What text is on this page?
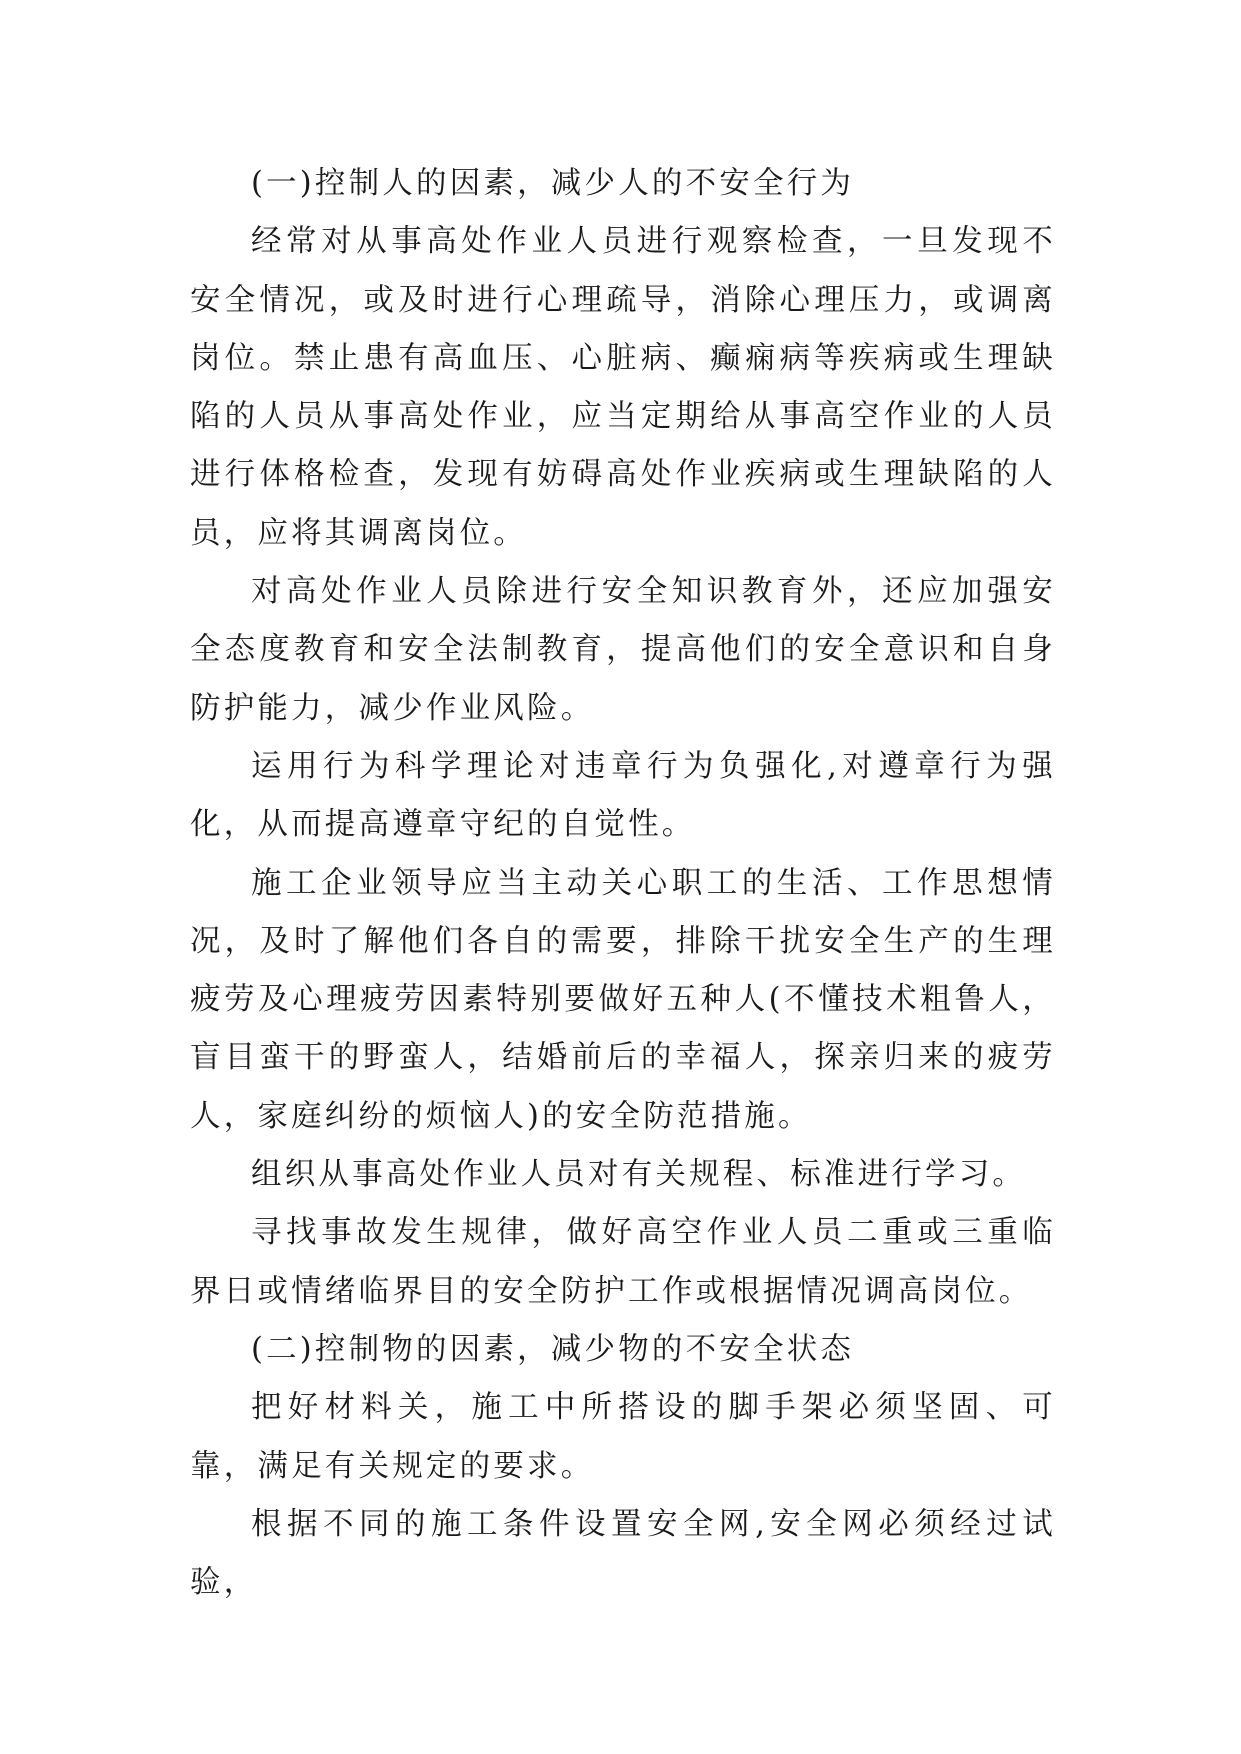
(一)控制人的因素，减少人的不安全行为

经常对从事高处作业人员进行观察检查，一旦发现不安全情况，或及时进行心理疏导，消除心理压力，或调离岗位。禁止患有高血压、心脏病、癫痫病等疾病或生理缺陷的人员从事高处作业，应当定期给从事高空作业的人员进行体格检查，发现有妨碍高处作业疾病或生理缺陷的人员，应将其调离岗位。

对高处作业人员除进行安全知识教育外，还应加强安全态度教育和安全法制教育，提高他们的安全意识和自身防护能力，减少作业风险。

运用行为科学理论对违章行为负强化,对遵章行为强化，从而提高遵章守纪的自觉性。

施工企业领导应当主动关心职工的生活、工作思想情况，及时了解他们各自的需要，排除干扰安全生产的生理疲劳及心理疲劳因素特别要做好五种人(不懂技术粗鲁人，盲目蛮干的野蛮人，结婚前后的幸福人，探亲归来的疲劳人，家庭纠纷的烦恼人)的安全防范措施。

组织从事高处作业人员对有关规程、标准进行学习。

寻找事故发生规律，做好高空作业人员二重或三重临界日或情绪临界目的安全防护工作或根据情况调高岗位。

(二)控制物的因素，减少物的不安全状态

把好材料关，施工中所搭设的脚手架必须坚固、可靠，满足有关规定的要求。

根据不同的施工条件设置安全网,安全网必须经过试验，
